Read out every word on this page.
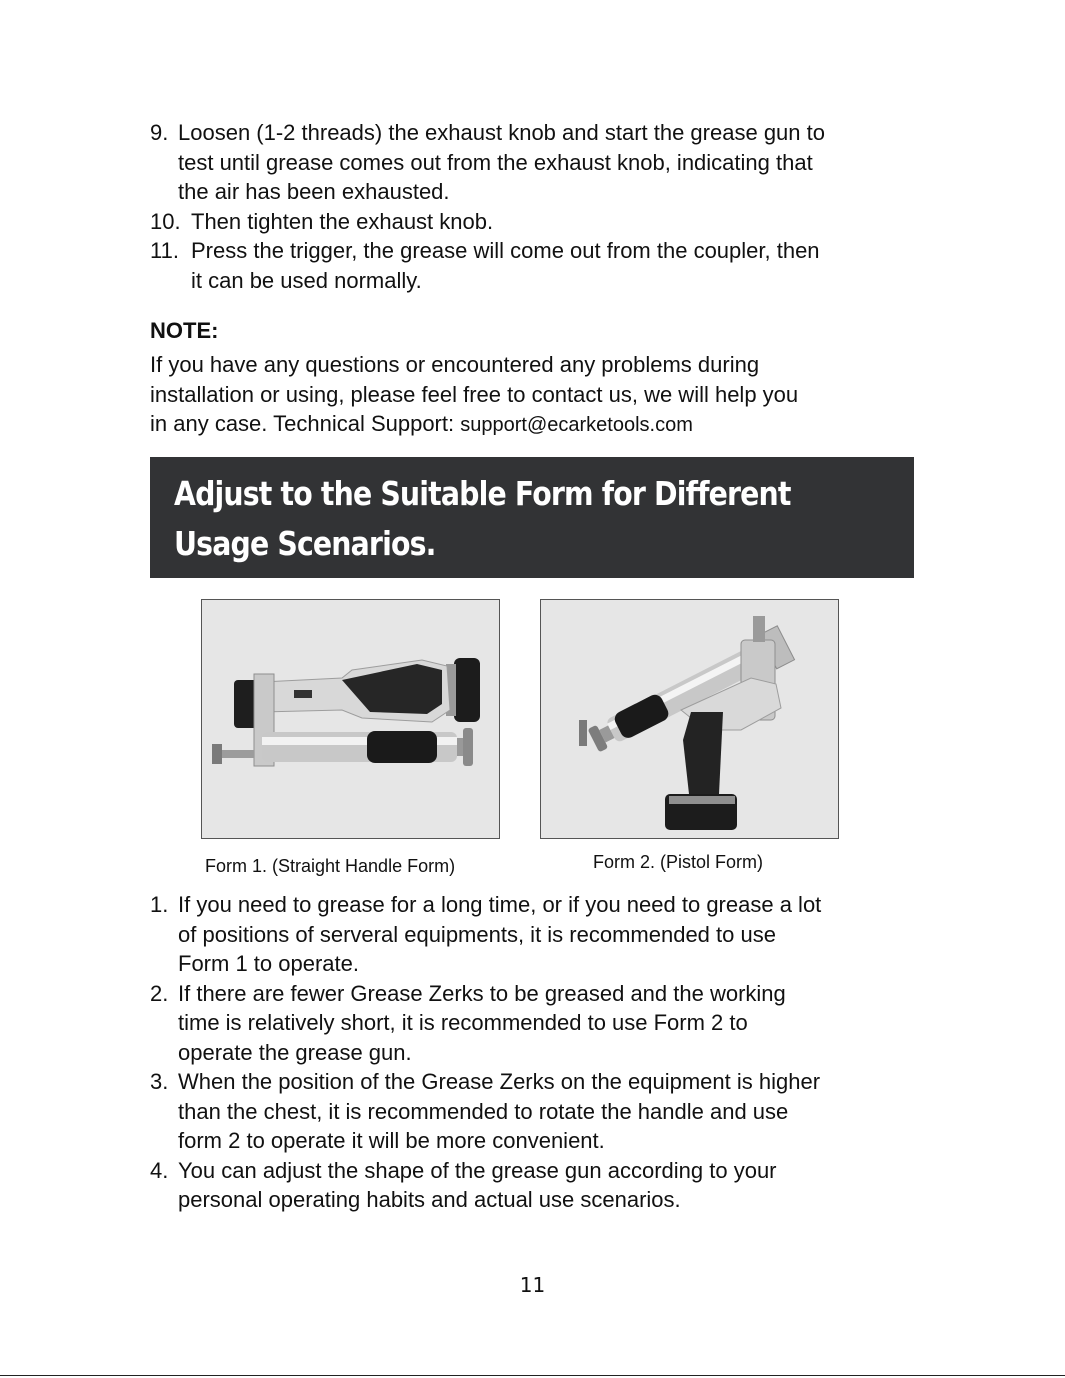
9. Loosen (1-2 threads) the exhaust knob and start the grease gun to
test until grease comes out from the exhaust knob, indicating that
the air has been exhausted.
10. Then tighten the exhaust knob.
11. Press the trigger, the grease will come out from the coupler, then
it can be used normally.
NOTE:
If you have any questions or encountered any problems during
installation or using, please feel free to contact us, we will help you
in any case. Technical Support: support@ecarketools.com
Adjust to the Suitable Form for Different
Usage Scenarios.
Form 1. (Straight Handle Form)	Form 2. (Pistol Form)
1. If you need to grease for a long time, or if you need to grease a lot
of positions of serveral equipments, it is recommended to use
Form 1 to operate.
2. If there are fewer Grease Zerks to be greased and the working
time is relatively short, it is recommended to use Form 2 to
operate the grease gun.
3. When the position of the Grease Zerks on the equipment is higher
than the chest, it is recommended to rotate the handle and use
form 2 to operate it will be more convenient.
4. You can adjust the shape of the grease gun according to your
personal operating habits and actual use scenarios.
11
